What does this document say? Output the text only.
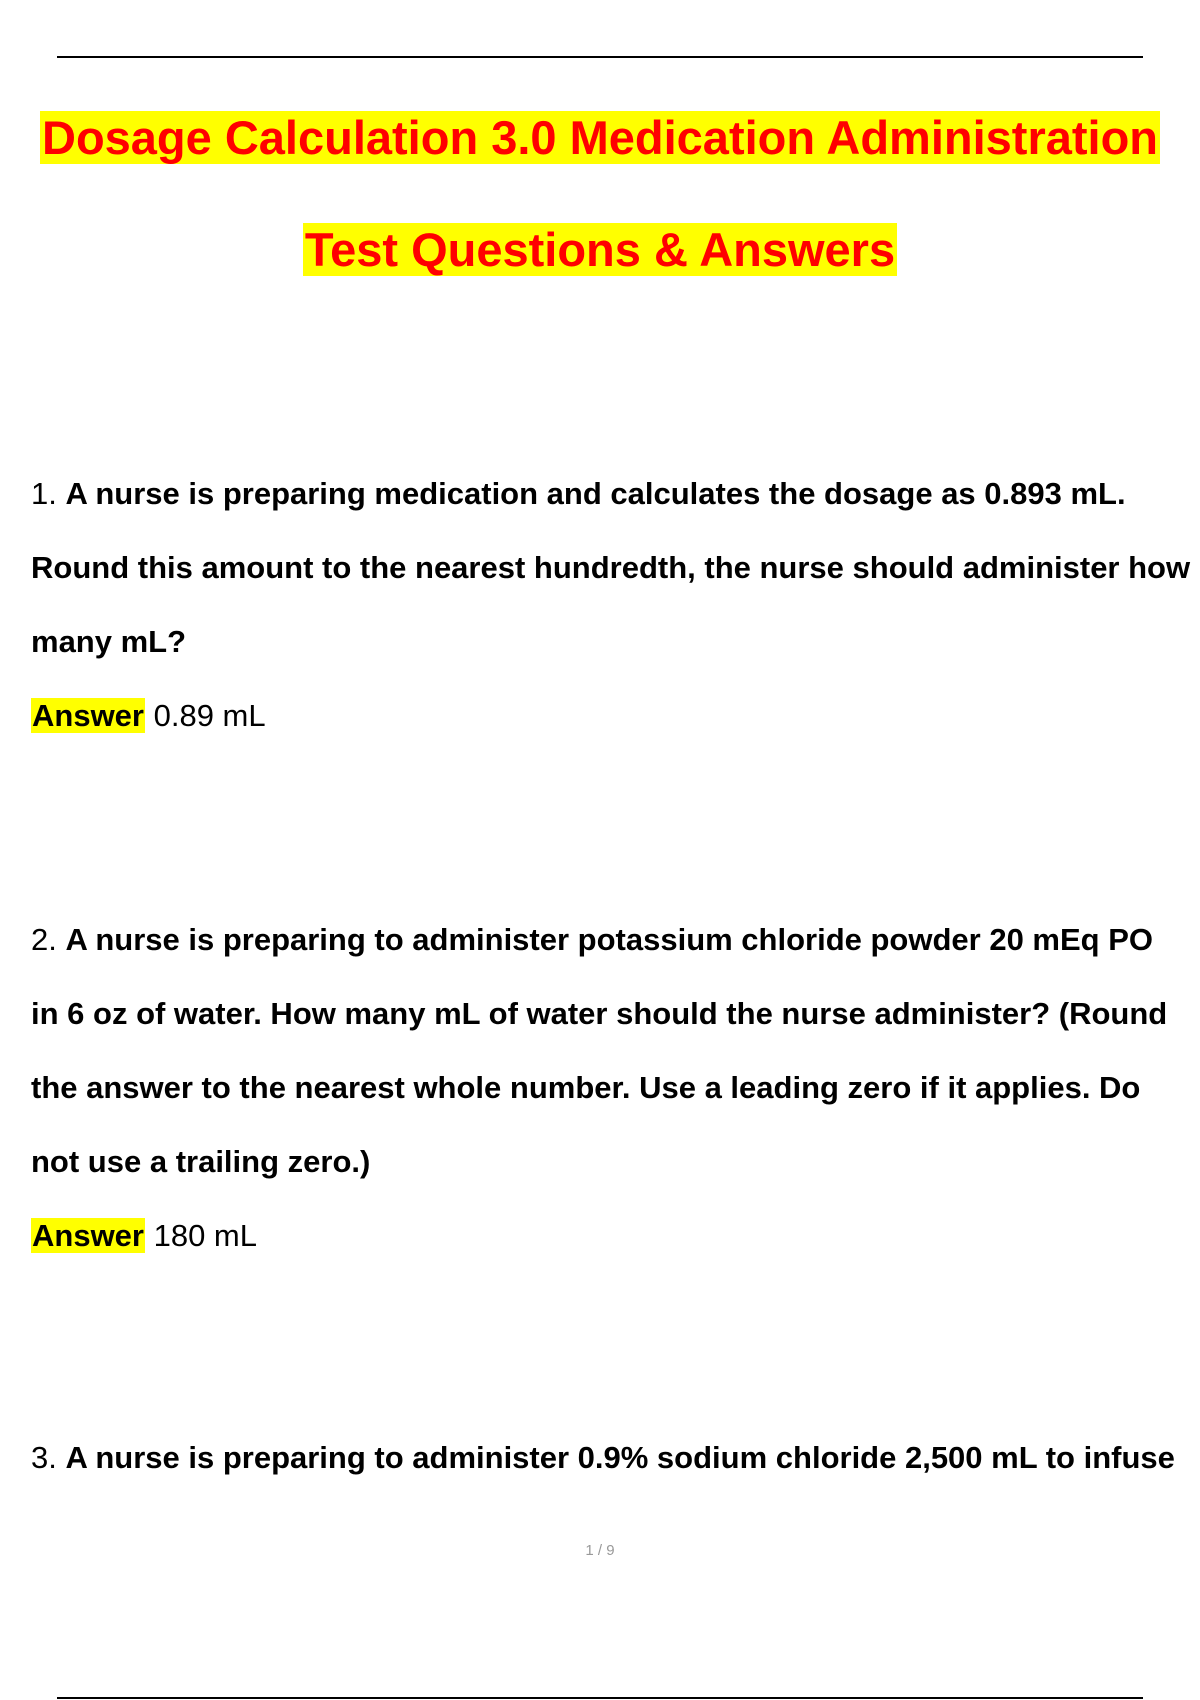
Dosage Calculation 3.0 Medication Administration
Test Questions & Answers
1. A nurse is preparing medication and calculates the dosage as 0.893 mL.
Round this amount to the nearest hundredth, the nurse should administer how
many mL?
Answer 0.89 mL
2. A nurse is preparing to administer potassium chloride powder 20 mEq PO
in 6 oz of water. How many mL of water should the nurse administer? (Round
the answer to the nearest whole number. Use a leading zero if it applies. Do
not use a trailing zero.)
Answer 180 mL
3. A nurse is preparing to administer 0.9% sodium chloride 2,500 mL to infuse
1 / 9
